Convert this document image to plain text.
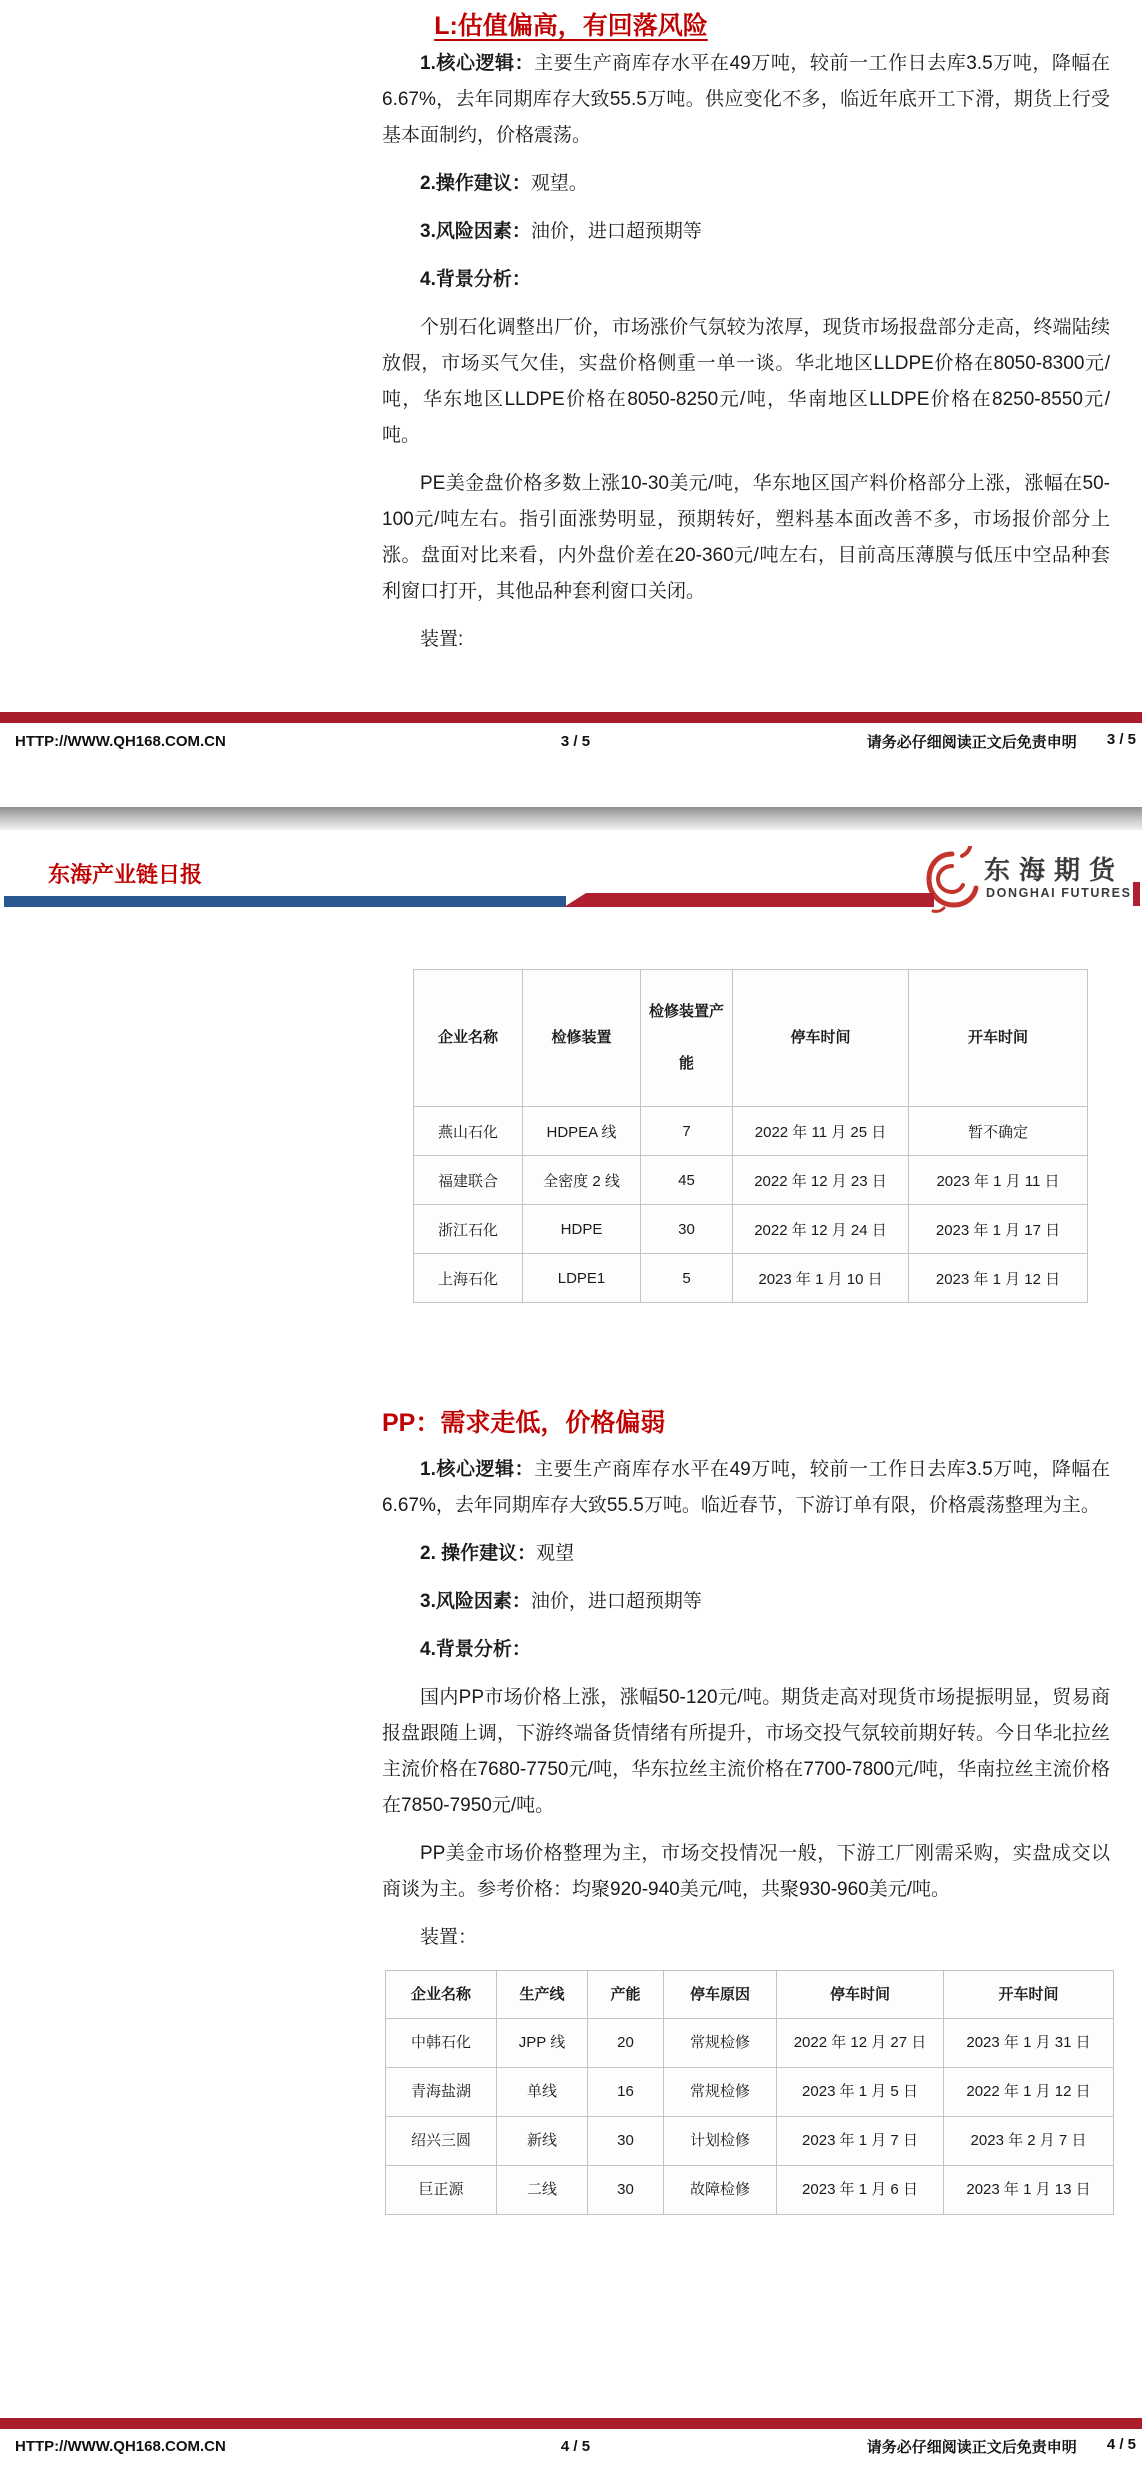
L:估值偏高，有回落风险

1.核心逻辑：主要生产商库存水平在49万吨，较前一工作日去库3.5万吨，降幅在6.67%，去年同期库存大致55.5万吨。供应变化不多，临近年底开工下滑，期货上行受基本面制约，价格震荡。

2.操作建议：观望。

3.风险因素：油价，进口超预期等

4.背景分析：

个别石化调整出厂价，市场涨价气氛较为浓厚，现货市场报盘部分走高，终端陆续放假，市场买气欠佳，实盘价格侧重一单一谈。华北地区LLDPE价格在8050-8300元/吨，华东地区LLDPE价格在8050-8250元/吨，华南地区LLDPE价格在8250-8550元/吨。

PE美金盘价格多数上涨10-30美元/吨，华东地区国产料价格部分上涨，涨幅在50-100元/吨左右。指引面涨势明显，预期转好，塑料基本面改善不多，市场报价部分上涨。盘面对比来看，内外盘价差在20-360元/吨左右，目前高压薄膜与低压中空品种套利窗口打开，其他品种套利窗口关闭。

装置:

HTTP://WWW.QH168.COM.CN	3 / 5	请务必仔细阅读正文后免责申明 3 / 5
东海产业链日报	东海期货
DONGHAI FUTURES
企业名称	检修装置	检修装置产能	停车时间	开车时间
燕山石化	HDPEA 线	7	2022 年 11 月 25 日	暂不确定
福建联合	全密度 2 线	45	2022 年 12 月 23 日	2023 年 1 月 11 日
浙江石化	HDPE	30	2022 年 12 月 24 日	2023 年 1 月 17 日
上海石化	LDPE1	5	2023 年 1 月 10 日	2023 年 1 月 12 日

PP：需求走低，价格偏弱

1.核心逻辑：主要生产商库存水平在49万吨，较前一工作日去库3.5万吨，降幅在6.67%，去年同期库存大致55.5万吨。临近春节，下游订单有限，价格震荡整理为主。

2. 操作建议：观望

3.风险因素：油价，进口超预期等

4.背景分析：

国内PP市场价格上涨，涨幅50-120元/吨。期货走高对现货市场提振明显，贸易商报盘跟随上调，下游终端备货情绪有所提升，市场交投气氛较前期好转。今日华北拉丝主流价格在7680-7750元/吨，华东拉丝主流价格在7700-7800元/吨，华南拉丝主流价格在7850-7950元/吨。

PP美金市场价格整理为主，市场交投情况一般，下游工厂刚需采购，实盘成交以商谈为主。参考价格：均聚920-940美元/吨，共聚930-960美元/吨。

装置：

企业名称	生产线	产能	停车原因	停车时间	开车时间
中韩石化	JPP 线	20	常规检修	2022 年 12 月 27 日	2023 年 1 月 31 日
青海盐湖	单线	16	常规检修	2023 年 1 月 5 日	2022 年 1 月 12 日
绍兴三圆	新线	30	计划检修	2023 年 1 月 7 日	2023 年 2 月 7 日
巨正源	二线	30	故障检修	2023 年 1 月 6 日	2023 年 1 月 13 日
HTTP://WWW.QH168.COM.CN	4 / 5	请务必仔细阅读正文后免责申明 4 / 5
